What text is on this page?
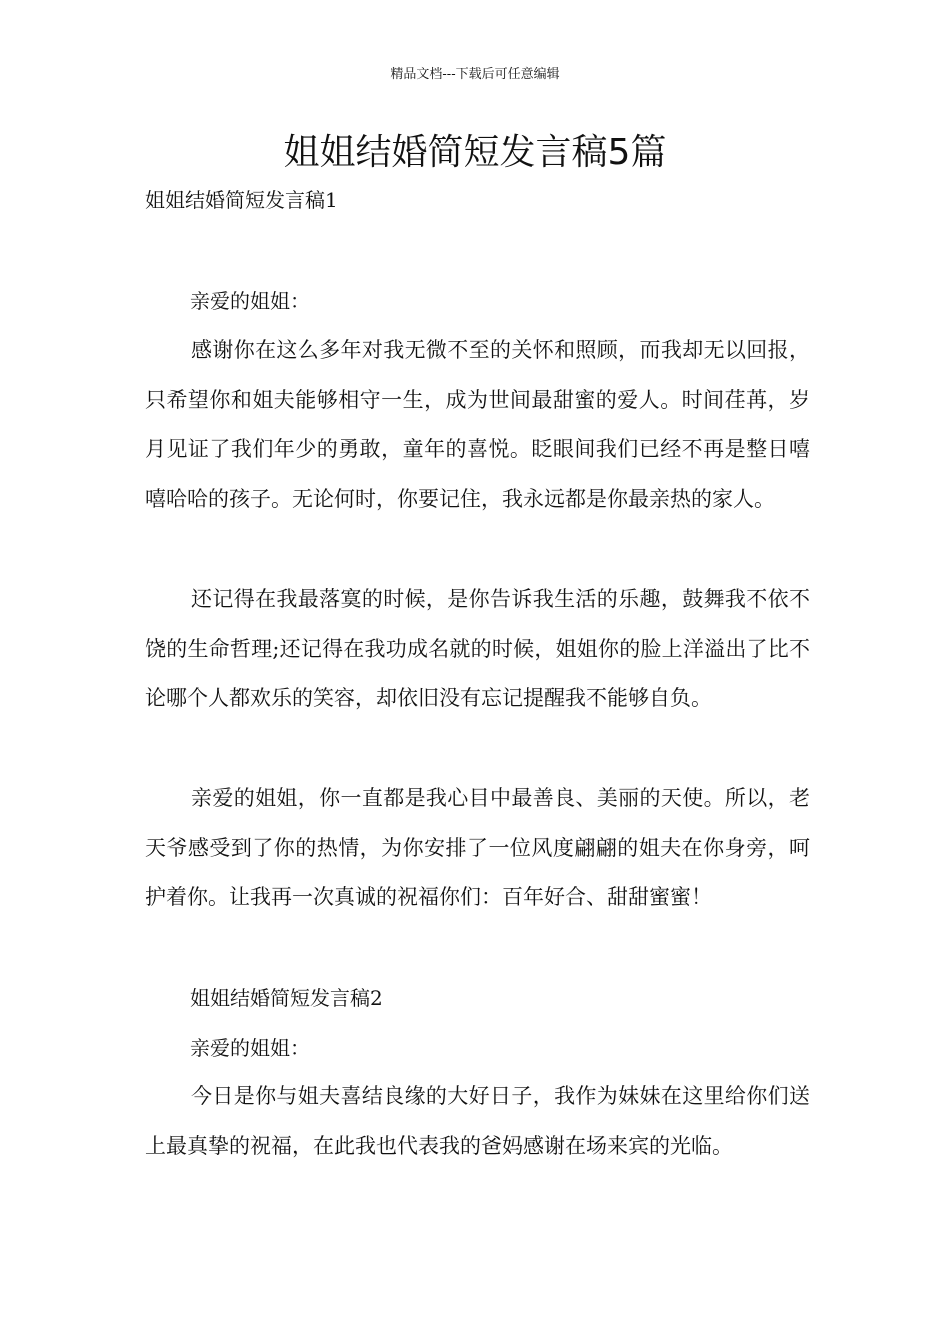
精品文档---下载后可任意编辑
姐姐结婚简短发言稿5篇
姐姐结婚简短发言稿1
亲爱的姐姐：

感谢你在这么多年对我无微不至的关怀和照顾，而我却无以回报，只希望你和姐夫能够相守一生，成为世间最甜蜜的爱人。时间荏苒，岁月见证了我们年少的勇敢，童年的喜悦。眨眼间我们已经不再是整日嘻嘻哈哈的孩子。无论何时，你要记住，我永远都是你最亲热的家人。

还记得在我最落寞的时候，是你告诉我生活的乐趣，鼓舞我不依不饶的生命哲理;还记得在我功成名就的时候，姐姐你的脸上洋溢出了比不论哪个人都欢乐的笑容，却依旧没有忘记提醒我不能够自负。

亲爱的姐姐，你一直都是我心目中最善良、美丽的天使。所以，老天爷感受到了你的热情，为你安排了一位风度翩翩的姐夫在你身旁，呵护着你。让我再一次真诚的祝福你们：百年好合、甜甜蜜蜜！

姐姐结婚简短发言稿2
亲爱的姐姐：

今日是你与姐夫喜结良缘的大好日子，我作为妹妹在这里给你们送上最真挚的祝福，在此我也代表我的爸妈感谢在场来宾的光临。
